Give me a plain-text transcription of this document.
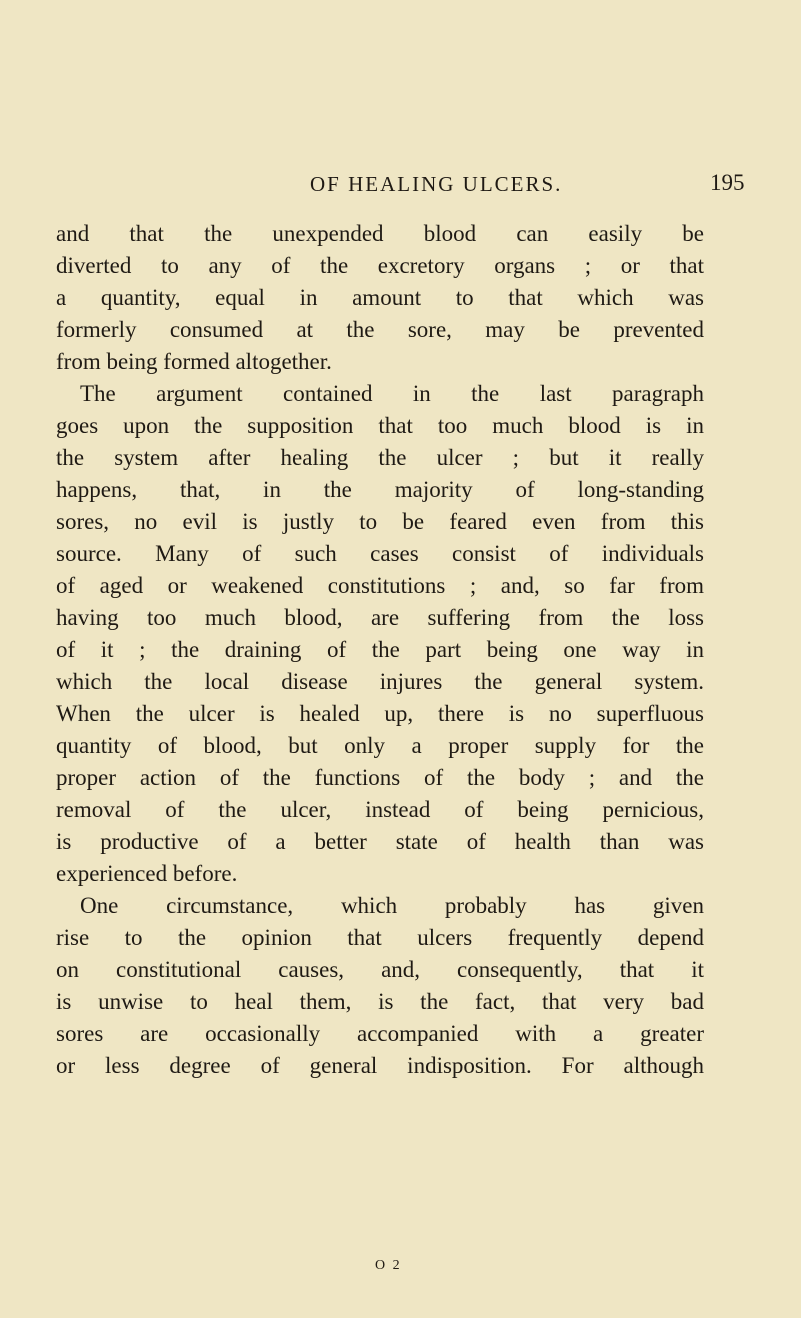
OF HEALING ULCERS.	195
and that the unexpended blood can easily be
diverted to any of the excretory organs ; or that
a quantity, equal in amount to that which was
formerly consumed at the sore, may be prevented
from being formed altogether.
The argument contained in the last paragraph
goes upon the supposition that too much blood is in
the system after healing the ulcer ; but it really
happens, that, in the majority of long-standing
sores, no evil is justly to be feared even from this
source. Many of such cases consist of individuals
of aged or weakened constitutions ; and, so far from
having too much blood, are suffering from the loss
of it ; the draining of the part being one way in
which the local disease injures the general system.
When the ulcer is healed up, there is no superfluous
quantity of blood, but only a proper supply for the
proper action of the functions of the body ; and the
removal of the ulcer, instead of being pernicious,
is productive of a better state of health than was
experienced before.
One circumstance, which probably has given
rise to the opinion that ulcers frequently depend
on constitutional causes, and, consequently, that it
is unwise to heal them, is the fact, that very bad
sores are occasionally accompanied with a greater
or less degree of general indisposition. For although
O 2
